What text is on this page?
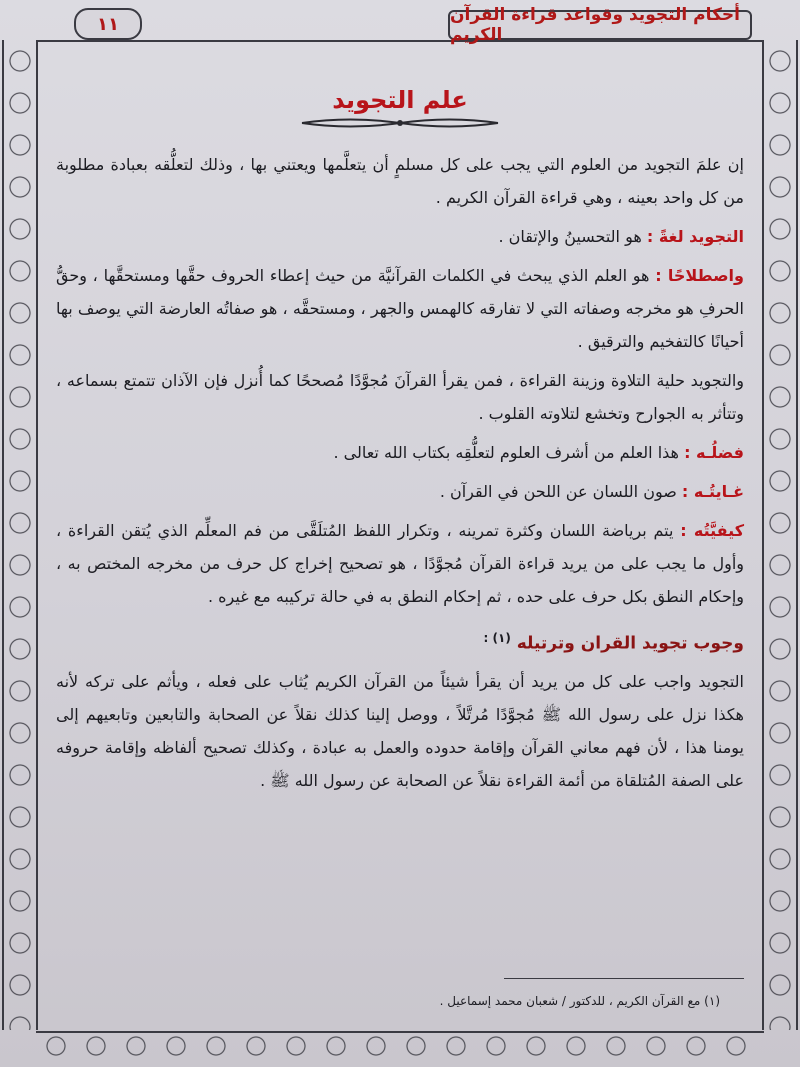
أحكام التجويد وقواعد قراءة القرآن الكريم
١١
علم التجويد

إن علمَ التجويد من العلوم التي يجب على كل مسلمٍ أن يتعلَّمها ويعتني بها ، وذلك لتعلُّقه بعبادة مطلوبة من كل واحد بعينه ، وهي قراءة القرآن الكريم .

التجويد لغةً : هو التحسينُ والإتقان .

واصطلاحًا : هو العلم الذي يبحث في الكلمات القرآنيَّة من حيث إعطاء الحروف حقَّها ومستحقَّها ، وحقُّ الحرفِ هو مخرجه وصفاته التي لا تفارقه كالهمس والجهر ، ومستحقَّه ، هو صفاتُه العارضة التي يوصف بها أحيانًا كالتفخيم والترقيق .

والتجويد حلية التلاوة وزينة القراءة ، فمن يقرأ القرآنَ مُجوَّدًا مُصححًا كما أُنزل فإن الآذان تتمتع بسماعه ، وتتأثر به الجوارح وتخشع لتلاوته القلوب .

فضلُـه : هذا العلم من أشرف العلوم لتعلُّقِه بكتاب الله تعالى .

غـايتُـه : صون اللسان عن اللحن في القرآن .

كيفيَّتُه : يتم برياضة اللسان وكثرة تمرينه ، وتكرار اللفظ المُتلَقَّى من فم المعلِّم الذي يُتقن القراءة ، وأول ما يجب على من يريد قراءة القرآن مُجوَّدًا ، هو تصحيح إخراج كل حرف من مخرجه المختص به ، وإحكام النطق بكل حرف على حده ، ثم إحكام النطق به في حالة تركيبه مع غيره .

وجوب تجويد القران وترتيله $^{(١) :}$

التجويد واجب على كل من يريد أن يقرأ شيئاً من القرآن الكريم يُثاب على فعله ، ويأثم على تركه لأنه هكذا نزل على رسول الله ﷺ مُجوَّدًا مُرتَّلاً ، ووصل إلينا كذلك نقلاً عن الصحابة والتابعين وتابعيهم إلى يومنا هذا ، لأن فهم معاني القرآن وإقامة حدوده والعمل به عبادة ، وكذلك تصحيح ألفاظه وإقامة حروفه على الصفة المُتلقاة من أئمة القراءة نقلاً عن الصحابة عن رسول الله ﷺ .

(١) مع القرآن الكريم ، للدكتور / شعبان محمد إسماعيل .
